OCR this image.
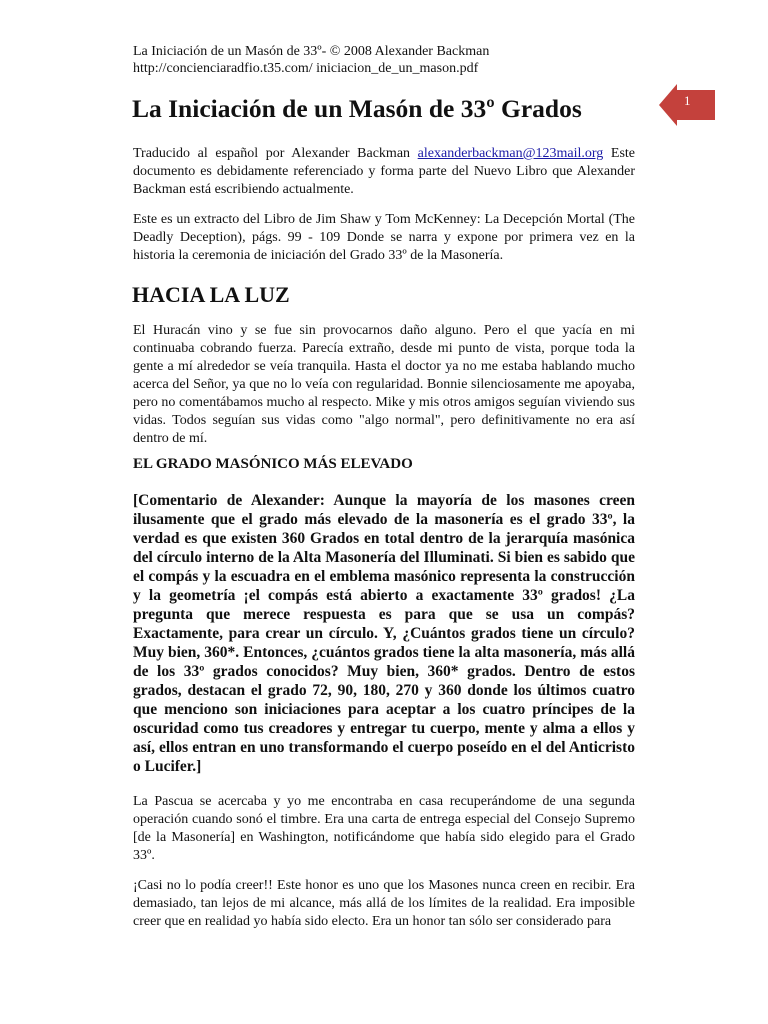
La Iniciación de un Masón de 33º- © 2008 Alexander Backman
http://concienciaradfio.t35.com/ iniciacion_de_un_mason.pdf
1
La Iniciación de un Masón de 33º Grados

Traducido al español por Alexander Backman alexanderbackman@123mail.org Este documento es debidamente referenciado y forma parte del Nuevo Libro que Alexander Backman está escribiendo actualmente.

Este es un extracto del Libro de Jim Shaw y Tom McKenney: La Decepción Mortal (The Deadly Deception), págs. 99 - 109 Donde se narra y expone por primera vez en la historia la ceremonia de iniciación del Grado 33º de la Masonería.

HACIA LA LUZ

El Huracán vino y se fue sin provocarnos daño alguno. Pero el que yacía en mi continuaba cobrando fuerza. Parecía extraño, desde mi punto de vista, porque toda la gente a mí alrededor se veía tranquila. Hasta el doctor ya no me estaba hablando mucho acerca del Señor, ya que no lo veía con regularidad. Bonnie silenciosamente me apoyaba, pero no comentábamos mucho al respecto. Mike y mis otros amigos seguían viviendo sus vidas. Todos seguían sus vidas como "algo normal", pero definitivamente no era así dentro de mí.

EL GRADO MASÓNICO MÁS ELEVADO

[Comentario de Alexander: Aunque la mayoría de los masones creen ilusamente que el grado más elevado de la masonería es el grado 33º, la verdad es que existen 360 Grados en total dentro de la jerarquía masónica del círculo interno de la Alta Masonería del Illuminati. Si bien es sabido que el compás y la escuadra en el emblema masónico representa la construcción y la geometría ¡el compás está abierto a exactamente 33º grados! ¿La pregunta que merece respuesta es para que se usa un compás? Exactamente, para crear un círculo. Y, ¿Cuántos grados tiene un círculo? Muy bien, 360*. Entonces, ¿cuántos grados tiene la alta masonería, más allá de los 33º grados conocidos? Muy bien, 360* grados. Dentro de estos grados, destacan el grado 72, 90, 180, 270 y 360 donde los últimos cuatro que menciono son iniciaciones para aceptar a los cuatro príncipes de la oscuridad como tus creadores y entregar tu cuerpo, mente y alma a ellos y así, ellos entran en uno transformando el cuerpo poseído en el del Anticristo o Lucifer.]

La Pascua se acercaba y yo me encontraba en casa recuperándome de una segunda operación cuando sonó el timbre. Era una carta de entrega especial del Consejo Supremo [de la Masonería] en Washington, notificándome que había sido elegido para el Grado 33º.

¡Casi no lo podía creer!! Este honor es uno que los Masones nunca creen en recibir. Era demasiado, tan lejos de mi alcance, más allá de los límites de la realidad. Era imposible creer que en realidad yo había sido electo. Era un honor tan sólo ser considerado para
